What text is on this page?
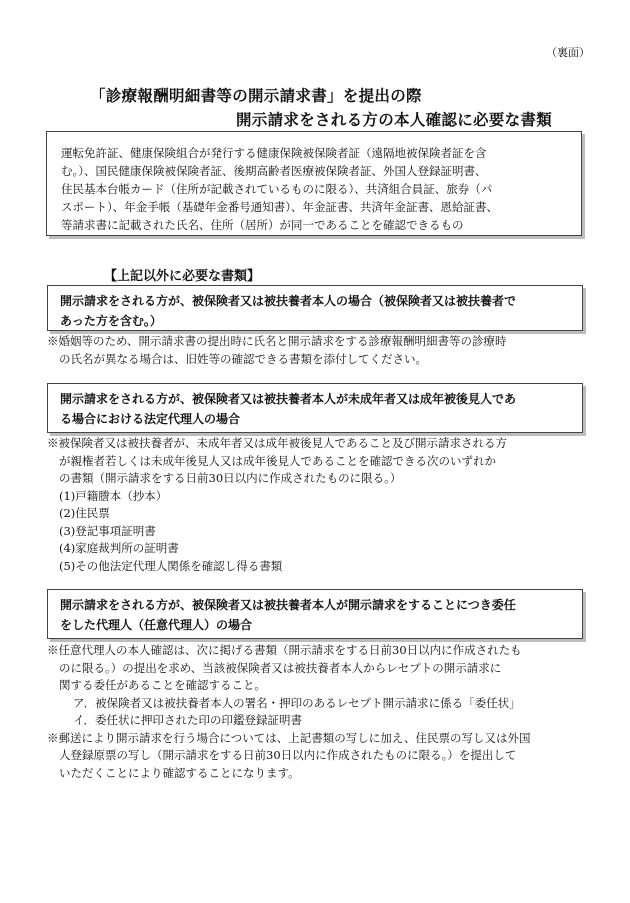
（裏面）
「診療報酬明細書等の開示請求書」を提出の際
開示請求をされる方の本人確認に必要な書類
運転免許証、健康保険組合が発行する健康保険被保険者証（遠隔地被保険者証を含
む。）、国民健康保険被保険者証、後期高齢者医療被保険者証、外国人登録証明書、
住民基本台帳カード（住所が記載されているものに限る）、共済組合員証、旅券（パ
スポート）、年金手帳（基礎年金番号通知書）、年金証書、共済年金証書、恩給証書、
等請求書に記載された氏名、住所（居所）が同一であることを確認できるもの
【上記以外に必要な書類】
開示請求をされる方が、被保険者又は被扶養者本人の場合（被保険者又は被扶養者で
あった方を含む。）
※婚姻等のため、開示請求書の提出時に氏名と開示請求をする診療報酬明細書等の診療時
の氏名が異なる場合は、旧姓等の確認できる書類を添付してください。
開示請求をされる方が、被保険者又は被扶養者本人が未成年者又は成年被後見人であ
る場合における法定代理人の場合
※被保険者又は被扶養者が、未成年者又は成年被後見人であること及び開示請求される方
が親権者若しくは未成年後見人又は成年後見人であることを確認できる次のいずれか
の書類（開示請求をする日前30日以内に作成されたものに限る。）
(1)戸籍謄本（抄本）
(2)住民票
(3)登記事項証明書
(4)家庭裁判所の証明書
(5)その他法定代理人関係を確認し得る書類
開示請求をされる方が、被保険者又は被扶養者本人が開示請求をすることにつき委任
をした代理人（任意代理人）の場合
※任意代理人の本人確認は、次に掲げる書類（開示請求をする日前30日以内に作成されたも
のに限る。）の提出を求め、当該被保険者又は被扶養者本人からレセプトの開示請求に
関する委任があることを確認すること。
ア．被保険者又は被扶養者本人の署名・押印のあるレセプト開示請求に係る「委任状」
イ．委任状に押印された印の印鑑登録証明書
※郵送により開示請求を行う場合については、上記書類の写しに加え、住民票の写し又は外国
人登録原票の写し（開示請求をする日前30日以内に作成されたものに限る。）を提出して
いただくことにより確認することになります。
